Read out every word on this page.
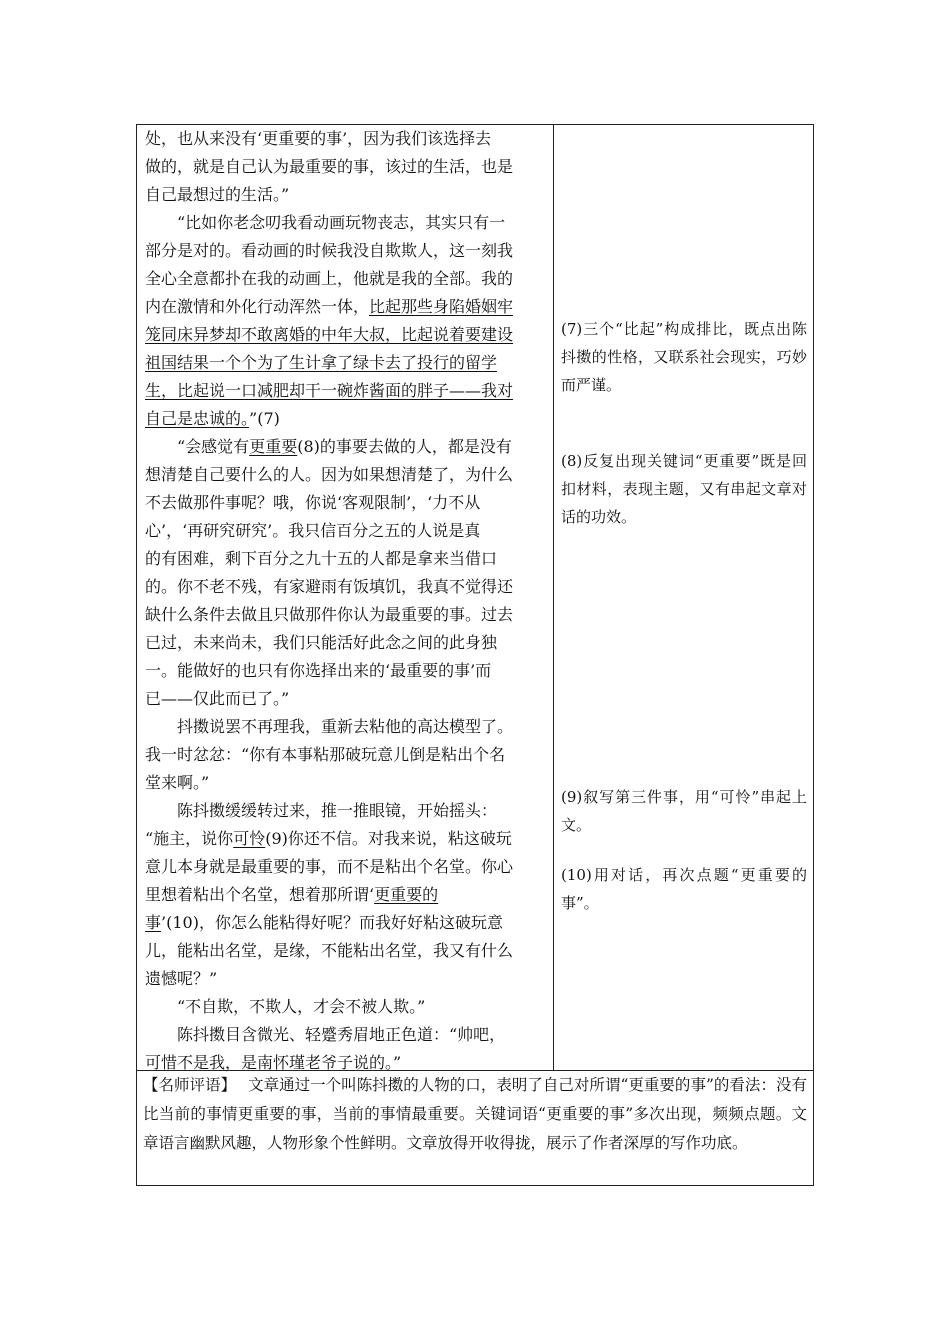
处，也从来没有‘更重要的事’，因为我们该选择去
做的，就是自己认为最重要的事，该过的生活，也是
自己最想过的生活。”
“比如你老念叨我看动画玩物丧志，其实只有一
部分是对的。看动画的时候我没自欺欺人，这一刻我
全心全意都扑在我的动画上，他就是我的全部。我的
内在激情和外化行动浑然一体，比起那些身陷婚姻牢
笼同床异梦却不敢离婚的中年大叔，比起说着要建设
祖国结果一个个为了生计拿了绿卡去了投行的留学
生，比起说一口减肥却干一碗炸酱面的胖子——我对
自己是忠诚的。”(7)
“会感觉有更重要(8)的事要去做的人，都是没有
想清楚自己要什么的人。因为如果想清楚了，为什么
不去做那件事呢？哦，你说‘客观限制’，‘力不从
心’，‘再研究研究’。我只信百分之五的人说是真
的有困难，剩下百分之九十五的人都是拿来当借口
的。你不老不残，有家避雨有饭填饥，我真不觉得还
缺什么条件去做且只做那件你认为最重要的事。过去
已过，未来尚未，我们只能活好此念之间的此身独
一。能做好的也只有你选择出来的‘最重要的事’而
已——仅此而已了。”
抖擞说罢不再理我，重新去粘他的高达模型了。
我一时忿忿：“你有本事粘那破玩意儿倒是粘出个名
堂来啊。”
陈抖擞缓缓转过来，推一推眼镜，开始摇头：
“施主，说你可怜(9)你还不信。对我来说，粘这破玩
意儿本身就是最重要的事，而不是粘出个名堂。你心
里想着粘出个名堂，想着那所谓‘更重要的
事’(10)，你怎么能粘得好呢？而我好好粘这破玩意
儿，能粘出名堂，是缘，不能粘出名堂，我又有什么
遗憾呢？”
“不自欺，不欺人，才会不被人欺。”
陈抖擞目含微光、轻蹙秀眉地正色道：“帅吧，
可惜不是我，是南怀瑾老爷子说的。”
(7)三个“比起”构成排比，既点出陈抖擞的性格，又联系社会现实，巧妙而严谨。
(8)反复出现关键词“更重要”既是回扣材料，表现主题，又有串起文章对话的功效。
(9)叙写第三件事，用“可怜”串起上文。
(10)用对话，再次点题“更重要的事”。
【名师评语】 文章通过一个叫陈抖擞的人物的口，表明了自己对所谓“更重要的事”的看法：没有比当前的事情更重要的事，当前的事情最重要。关键词语“更重要的事”多次出现，频频点题。文章语言幽默风趣，人物形象个性鲜明。文章放得开收得拢，展示了作者深厚的写作功底。
